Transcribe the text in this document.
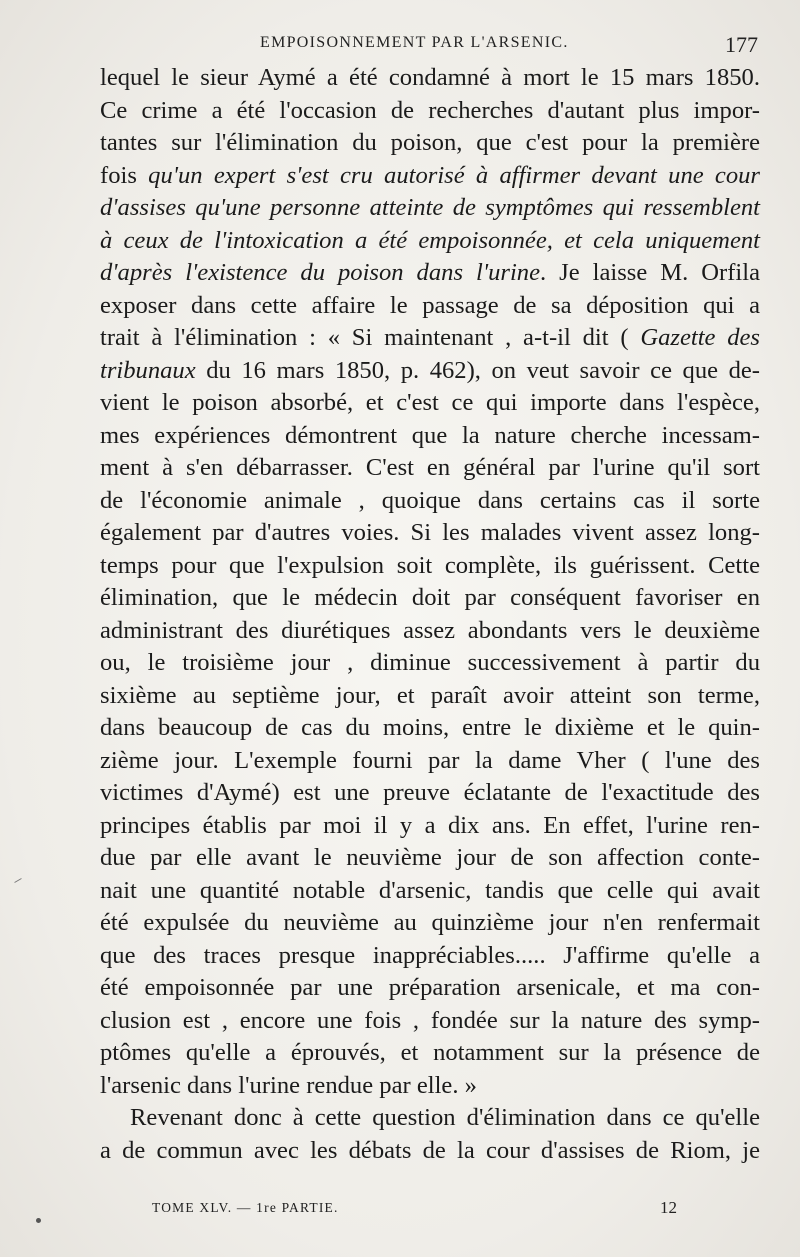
EMPOISONNEMENT PAR L'ARSENIC.	177
lequel le sieur Aymé a été condamné à mort le 15 mars 1850.
Ce crime a été l'occasion de recherches d'autant plus impor-
tantes sur l'élimination du poison, que c'est pour la première
fois qu'un expert s'est cru autorisé à affirmer devant une cour
d'assises qu'une personne atteinte de symptômes qui ressemblent
à ceux de l'intoxication a été empoisonnée, et cela uniquement
d'après l'existence du poison dans l'urine. Je laisse M. Orfila
exposer dans cette affaire le passage de sa déposition qui a
trait à l'élimination : « Si maintenant , a-t-il dit ( Gazette des
tribunaux du 16 mars 1850, p. 462), on veut savoir ce que de-
vient le poison absorbé, et c'est ce qui importe dans l'espèce,
mes expériences démontrent que la nature cherche incessam-
ment à s'en débarrasser. C'est en général par l'urine qu'il sort
de l'économie animale , quoique dans certains cas il sorte
également par d'autres voies. Si les malades vivent assez long-
temps pour que l'expulsion soit complète, ils guérissent. Cette
élimination, que le médecin doit par conséquent favoriser en
administrant des diurétiques assez abondants vers le deuxième
ou, le troisième jour , diminue successivement à partir du
sixième au septième jour, et paraît avoir atteint son terme,
dans beaucoup de cas du moins, entre le dixième et le quin-
zième jour. L'exemple fourni par la dame Vher ( l'une des
victimes d'Aymé) est une preuve éclatante de l'exactitude des
principes établis par moi il y a dix ans. En effet, l'urine ren-
due par elle avant le neuvième jour de son affection conte-
nait une quantité notable d'arsenic, tandis que celle qui avait
été expulsée du neuvième au quinzième jour n'en renfermait
que des traces presque inappréciables..... J'affirme qu'elle a
été empoisonnée par une préparation arsenicale, et ma con-
clusion est , encore une fois , fondée sur la nature des symp-
ptômes qu'elle a éprouvés, et notamment sur la présence de
l'arsenic dans l'urine rendue par elle. »
Revenant donc à cette question d'élimination dans ce qu'elle
a de commun avec les débats de la cour d'assises de Riom, je
TOME XLV. — 1re PARTIE.	12
